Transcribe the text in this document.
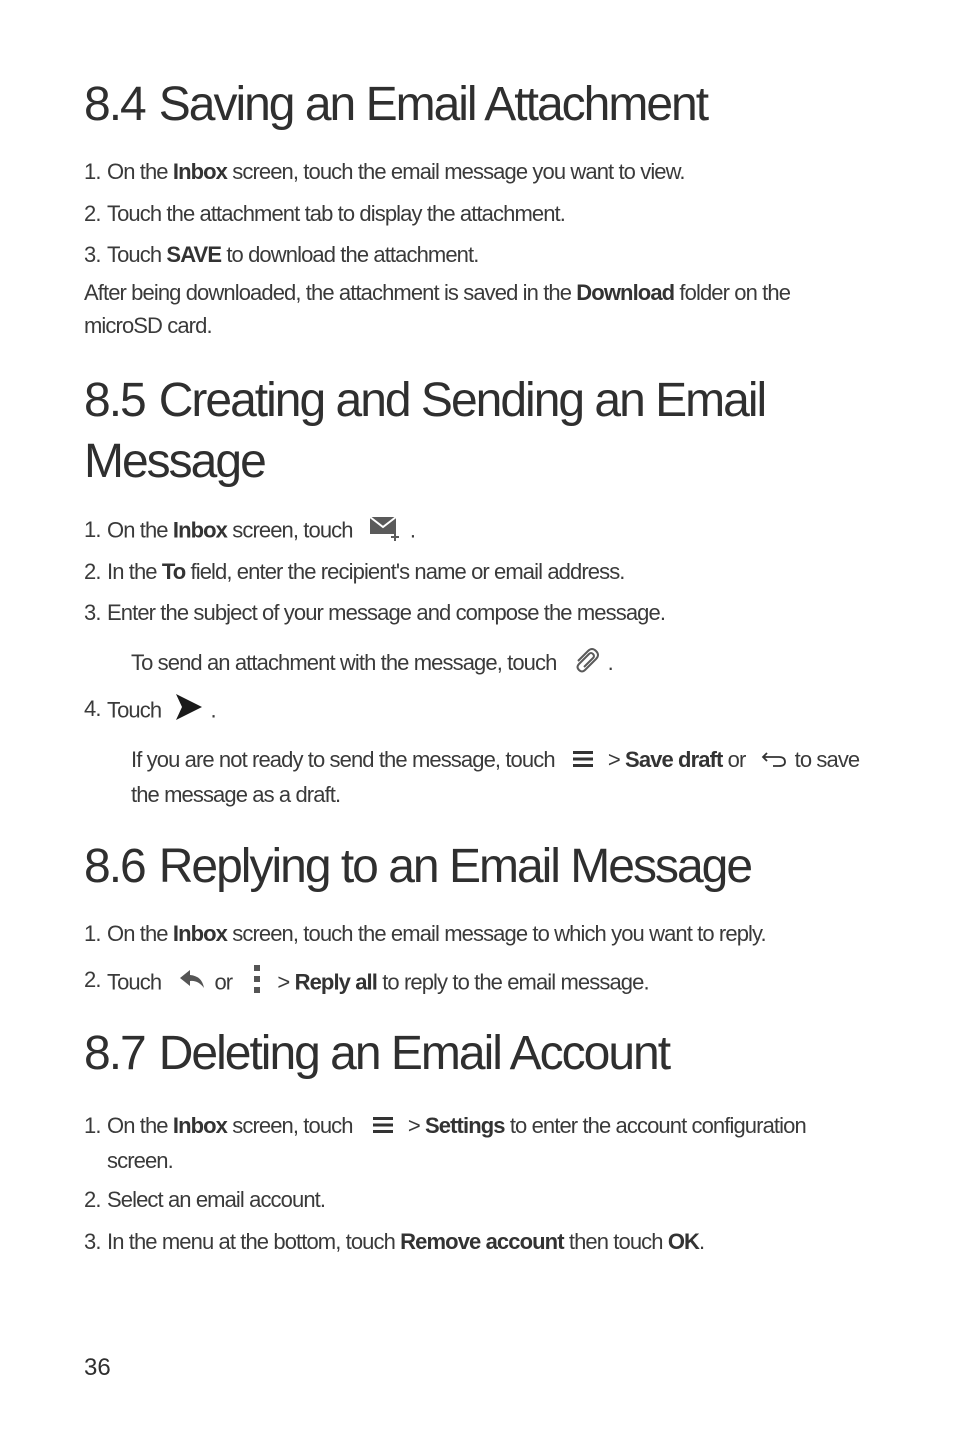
8.4 Saving an Email Attachment
1. On the Inbox screen, touch the email message you want to view.
2. Touch the attachment tab to display the attachment.
3. Touch SAVE to download the attachment.

After being downloaded, the attachment is saved in the Download folder on the microSD card.

8.5 Creating and Sending an Email Message
1. On the Inbox screen, touch	.
2. In the To field, enter the recipient's name or email address.
3. Enter the subject of your message and compose the message.

To send an attachment with the message, touch .

4. Touch .

If you are not ready to send the message, touch > Save draft or to save the message as a draft.

8.6 Replying to an Email Message
1. On the Inbox screen, touch the email message to which you want to reply.
2. Touch or > Reply all to reply to the email message.
8.7 Deleting an Email Account
1. On the Inbox screen, touch	> Settings to enter the account configuration screen.
2. Select an email account.
3. In the menu at the bottom, touch Remove account then touch OK.
36
